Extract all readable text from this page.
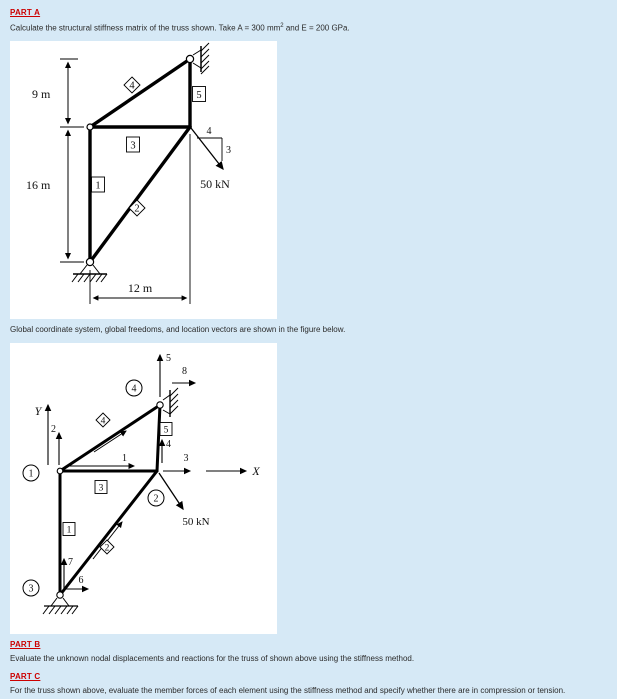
PART A

Calculate the structural stiffness matrix of the truss shown. Take A = 300 $mm^2$ and E = 200 GPa.

9 m
16 m
12 m
4
3
50 kN
4
5
3
1
2

Global coordinate system, global freedoms, and location vectors are shown in the figure below.

Y
X
1
2
3
4
5
8
6
7
50 kN
4
5
3
1
2
1
2
3
4
PART B

Evaluate the unknown nodal displacements and reactions for the truss of shown above using the stiffness method.

PART C

For the truss shown above, evaluate the member forces of each element using the stiffness method and specify whether there are in compression or tension.
